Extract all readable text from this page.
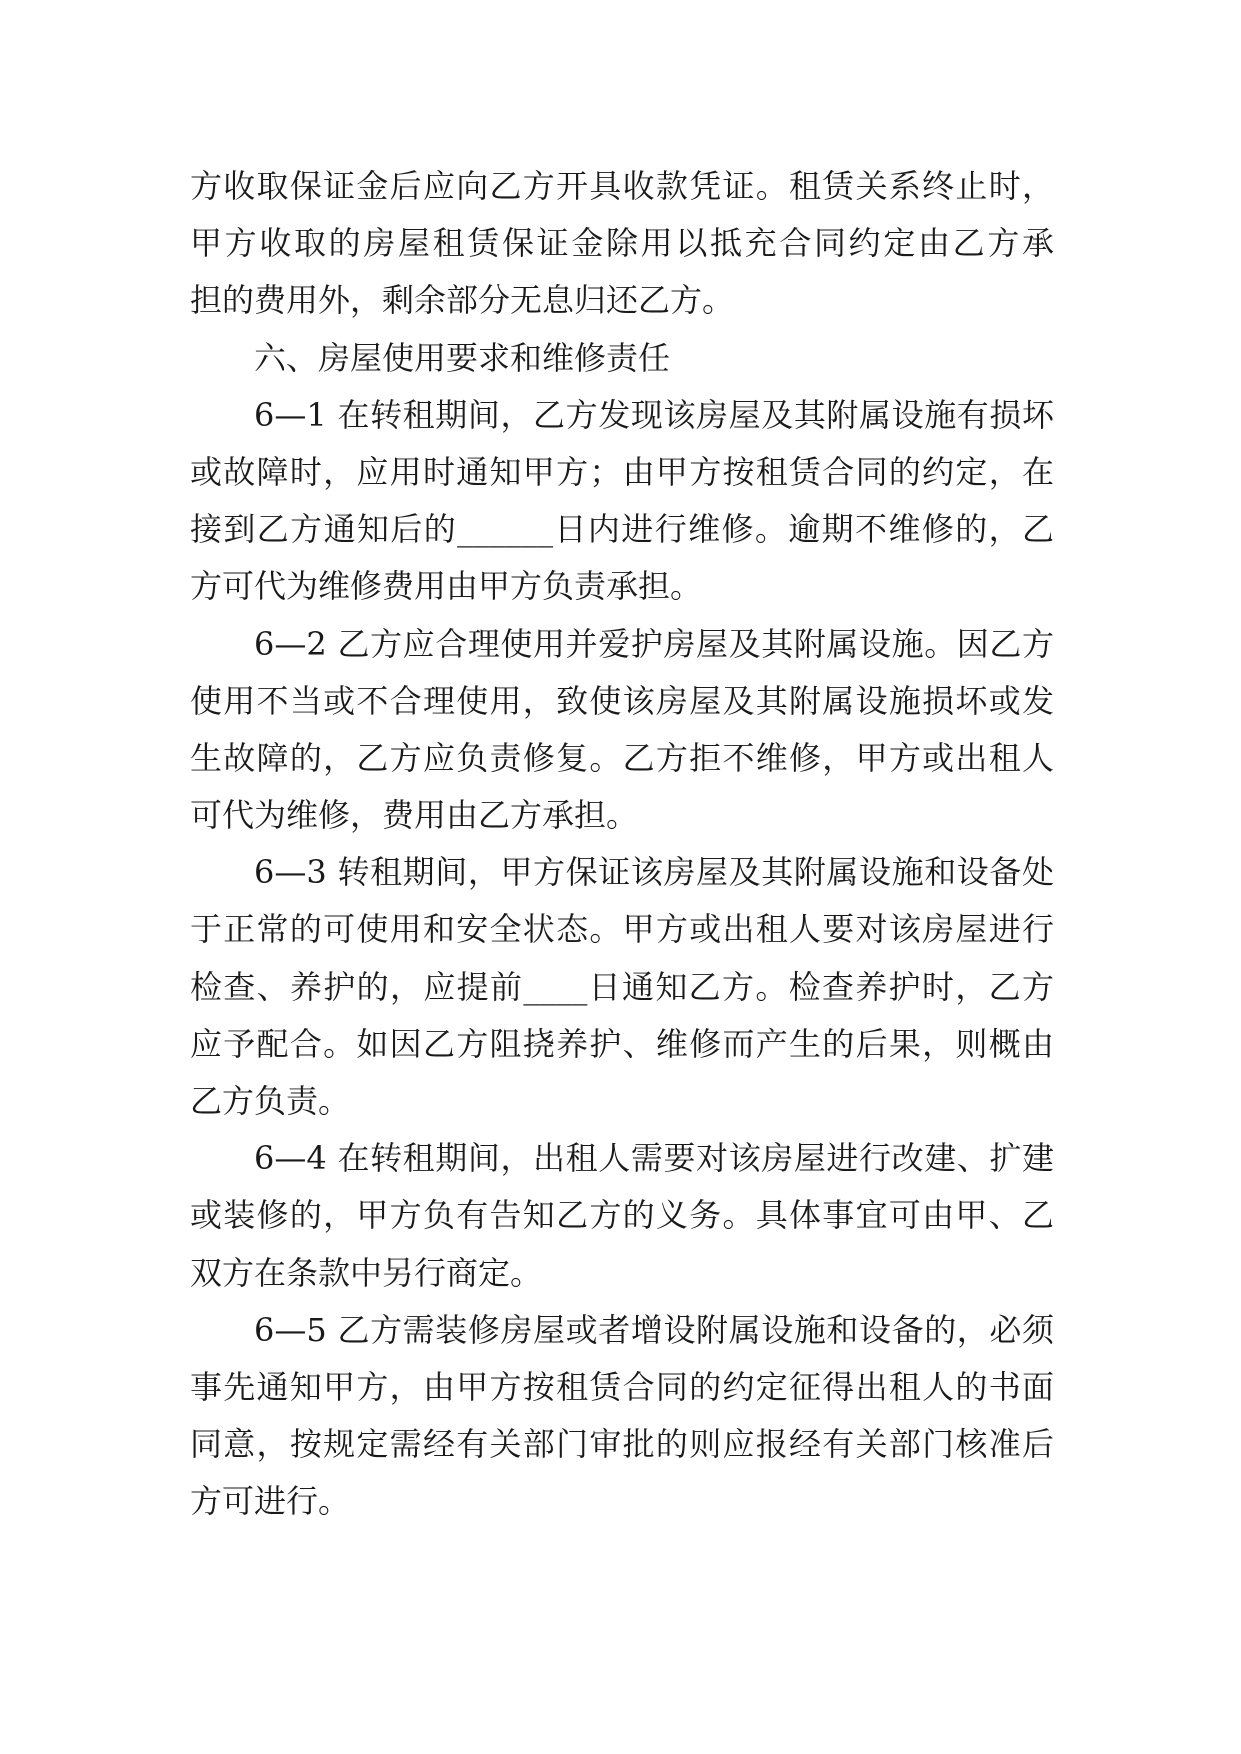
方收取保证金后应向乙方开具收款凭证。租赁关系终止时，
甲方收取的房屋租赁保证金除用以抵充合同约定由乙方承
担的费用外，剩余部分无息归还乙方。
六、房屋使用要求和维修责任
6—1 在转租期间，乙方发现该房屋及其附属设施有损坏
或故障时，应用时通知甲方；由甲方按租赁合同的约定，在
接到乙方通知后的______日内进行维修。逾期不维修的，乙
方可代为维修费用由甲方负责承担。
6—2 乙方应合理使用并爱护房屋及其附属设施。因乙方
使用不当或不合理使用，致使该房屋及其附属设施损坏或发
生故障的，乙方应负责修复。乙方拒不维修，甲方或出租人
可代为维修，费用由乙方承担。
6—3 转租期间，甲方保证该房屋及其附属设施和设备处
于正常的可使用和安全状态。甲方或出租人要对该房屋进行
检查、养护的，应提前____日通知乙方。检查养护时，乙方
应予配合。如因乙方阻挠养护、维修而产生的后果，则概由
乙方负责。
6—4 在转租期间，出租人需要对该房屋进行改建、扩建
或装修的，甲方负有告知乙方的义务。具体事宜可由甲、乙
双方在条款中另行商定。
6—5 乙方需装修房屋或者增设附属设施和设备的，必须
事先通知甲方，由甲方按租赁合同的约定征得出租人的书面
同意，按规定需经有关部门审批的则应报经有关部门核准后
方可进行。
